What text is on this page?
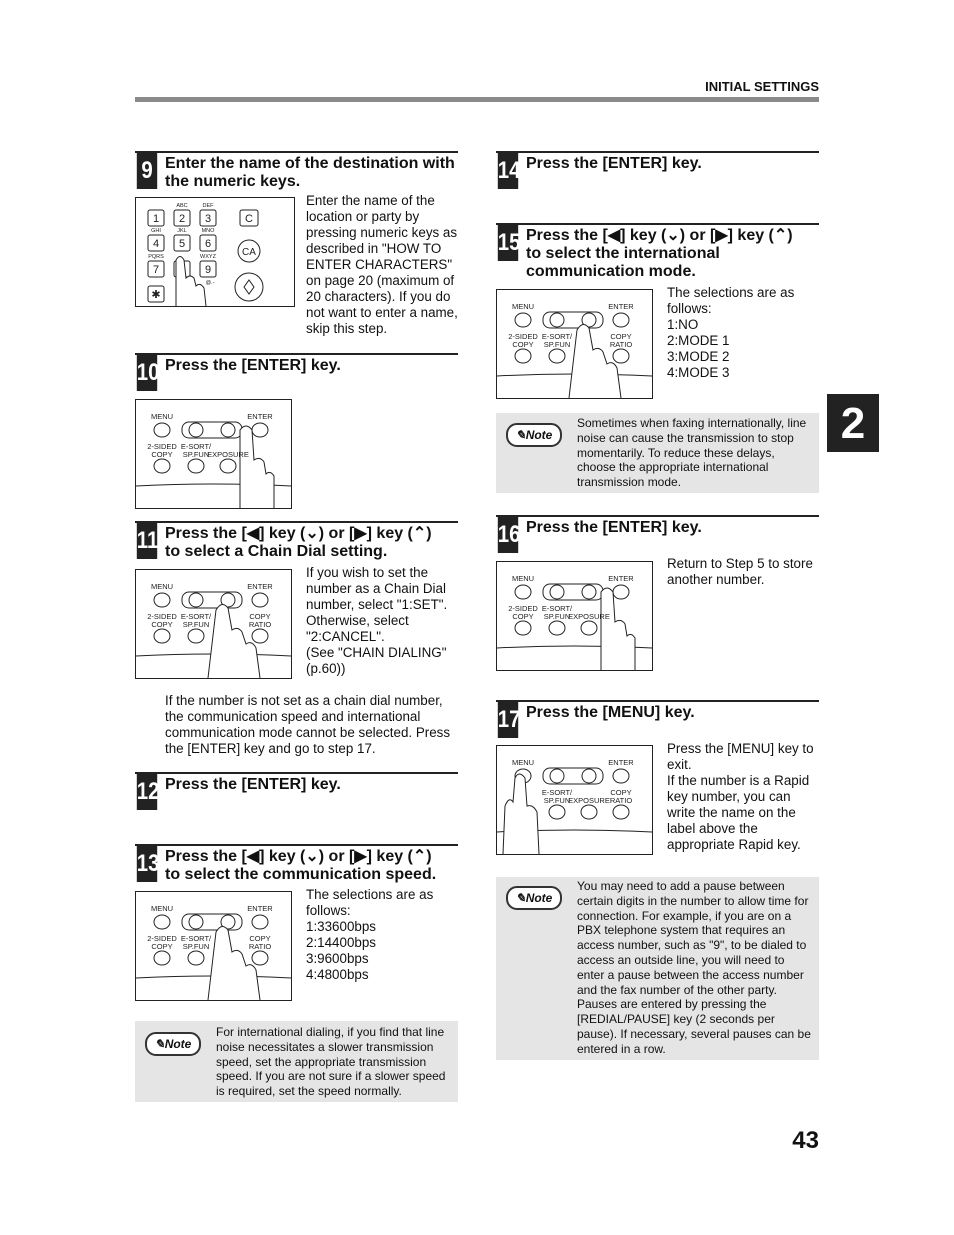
INITIAL SETTINGS
2
9 Enter the name of the destination with the numeric keys.
1 2 3
4 5 6
7	9
✱
C
CA
ABC	DEF
GHI	JKL	MNO
PQRS	WXYZ
@.-
Enter the name of the
location or party by
pressing numeric keys as
described in "HOW TO
ENTER CHARACTERS"
on page 20 (maximum of
20 characters). If you do
not want to enter a name,
skip this step.
10 Press the [ENTER] key.
MENU	ENTER
2-SIDED
COPY
E-SORT/
SP.FUN
EXPOSURE
11 Press the [◀] key (⌄) or [▶] key (⌃)
to select a Chain Dial setting.
MENU	ENTER
2-SIDED
COPY
E-SORT/
SP.FUN
COPY
RATIO
If you wish to set the
number as a Chain Dial
number, select "1:SET".
Otherwise, select
"2:CANCEL".
(See "CHAIN DIALING"
(p.60))
If the number is not set as a chain dial number,
the communication speed and international
communication mode cannot be selected. Press
the [ENTER] key and go to step 17.
12 Press the [ENTER] key.
13 Press the [◀] key (⌄) or [▶] key (⌃)
to select the communication speed.
MENU	ENTER
2-SIDED
COPY
E-SORT/
SP.FUN
COPY
RATIO
The selections are as
follows:
1:33600bps
2:14400bps
3:9600bps
4:4800bps
✎Note
For international dialing, if you find that line
noise necessitates a slower transmission
speed, set the appropriate transmission
speed. If you are not sure if a slower speed
is required, set the speed normally.
14 Press the [ENTER] key.
15 Press the [◀] key (⌄) or [▶] key (⌃)
to select the international
communication mode.
MENU	ENTER
2-SIDED
COPY
E-SORT/
SP.FUN
COPY
RATIO
The selections are as
follows:
1:NO
2:MODE 1
3:MODE 2
4:MODE 3
✎Note
Sometimes when faxing internationally, line
noise can cause the transmission to stop
momentarily. To reduce these delays,
choose the appropriate international
transmission mode.
16 Press the [ENTER] key.
MENU	ENTER
2-SIDED
COPY
E-SORT/
SP.FUN
EXPOSURE
Return to Step 5 to store
another number.
17 Press the [MENU] key.
MENU	ENTER
E-SORT/
SP.FUN
EXPOSURE
COPY
RATIO
Press the [MENU] key to
exit.
If the number is a Rapid
key number, you can
write the name on the
label above the
appropriate Rapid key.
✎Note
You may need to add a pause between
certain digits in the number to allow time for
connection. For example, if you are on a
PBX telephone system that requires an
access number, such as "9", to be dialed to
access an outside line, you will need to
enter a pause between the access number
and the fax number of the other party.
Pauses are entered by pressing the
[REDIAL/PAUSE] key (2 seconds per
pause). If necessary, several pauses can be
entered in a row.
43
